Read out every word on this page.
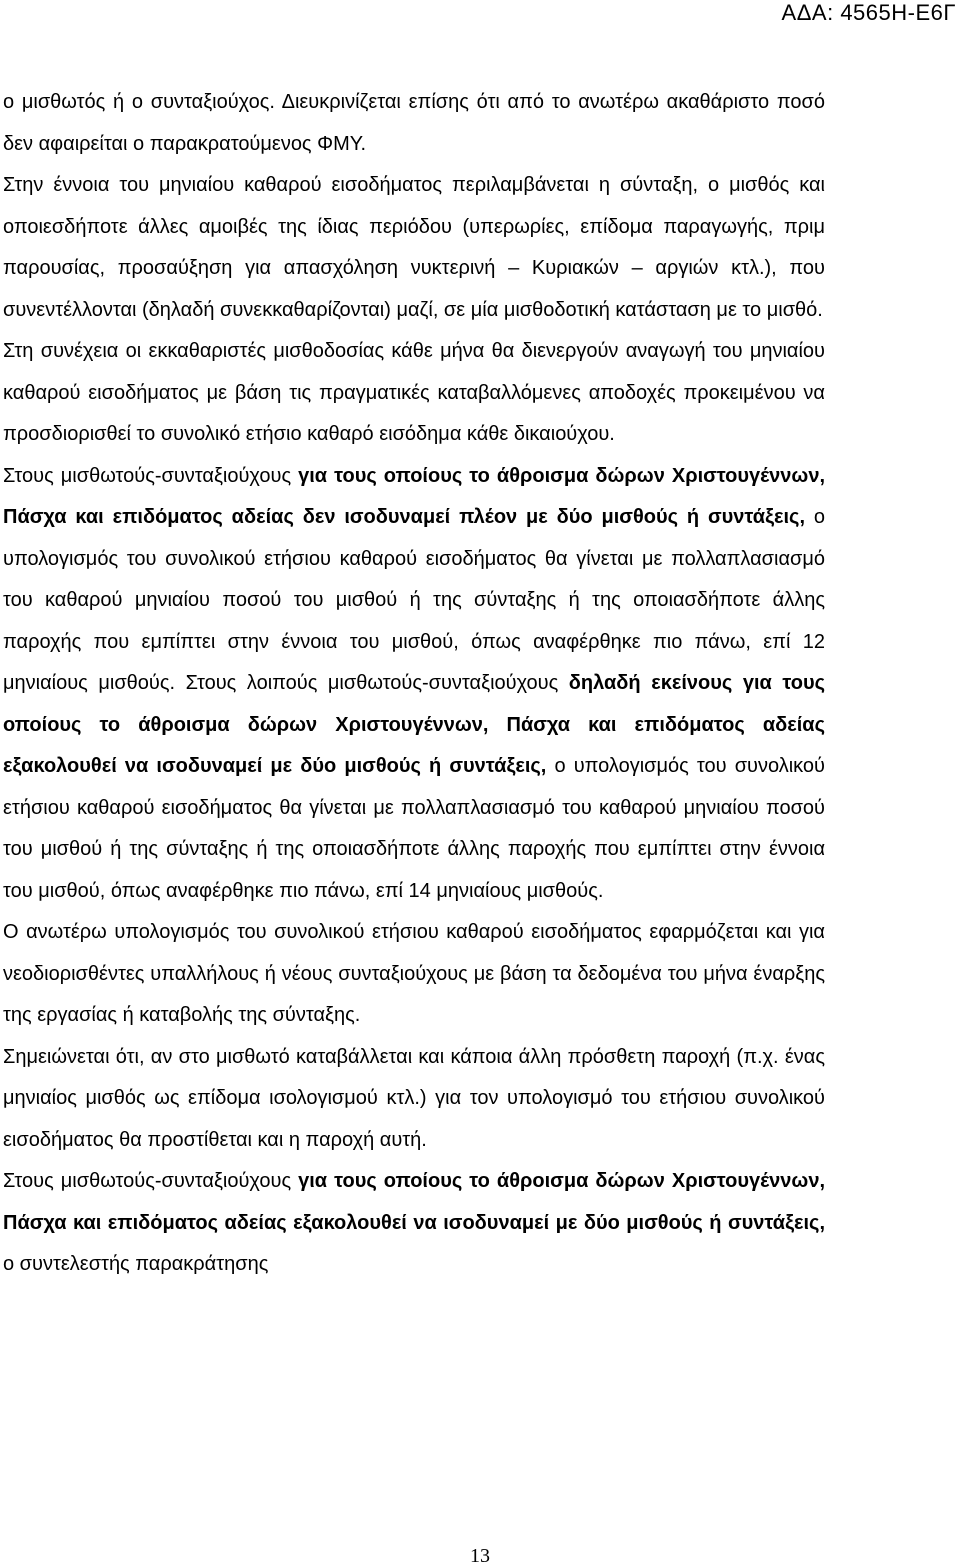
ΑΔΑ: 4565Η-Ε6Γ

ο μισθωτός ή ο συνταξιούχος. Διευκρινίζεται επίσης ότι από το ανωτέρω ακαθάριστο ποσό δεν αφαιρείται ο παρακρατούμενος ΦΜΥ.

Στην έννοια του μηνιαίου καθαρού εισοδήματος περιλαμβάνεται η σύνταξη, ο μισθός και οποιεσδήποτε άλλες αμοιβές της ίδιας περιόδου (υπερωρίες, επίδομα παραγωγής, πριμ παρουσίας, προσαύξηση για απασχόληση νυκτερινή – Κυριακών – αργιών κτλ.), που συνεντέλλονται (δηλαδή συνεκκαθαρίζονται) μαζί, σε μία μισθοδοτική κατάσταση με το μισθό.

Στη συνέχεια οι εκκαθαριστές μισθοδοσίας κάθε μήνα θα διενεργούν αναγωγή του μηνιαίου καθαρού εισοδήματος με βάση τις πραγματικές καταβαλλόμενες αποδοχές προκειμένου να προσδιορισθεί το συνολικό ετήσιο καθαρό εισόδημα κάθε δικαιούχου.

Στους μισθωτούς-συνταξιούχους για τους οποίους το άθροισμα δώρων Χριστουγέννων, Πάσχα και επιδόματος αδείας δεν ισοδυναμεί πλέον με δύο μισθούς ή συντάξεις, ο υπολογισμός του συνολικού ετήσιου καθαρού εισοδήματος θα γίνεται με πολλαπλασιασμό του καθαρού μηνιαίου ποσού του μισθού ή της σύνταξης ή της οποιασδήποτε άλλης παροχής που εμπίπτει στην έννοια του μισθού, όπως αναφέρθηκε πιο πάνω, επί 12 μηνιαίους μισθούς. Στους λοιπούς μισθωτούς-συνταξιούχους δηλαδή εκείνους για τους οποίους το άθροισμα δώρων Χριστουγέννων, Πάσχα και επιδόματος αδείας εξακολουθεί να ισοδυναμεί με δύο μισθούς ή συντάξεις, ο υπολογισμός του συνολικού ετήσιου καθαρού εισοδήματος θα γίνεται με πολλαπλασιασμό του καθαρού μηνιαίου ποσού του μισθού ή της σύνταξης ή της οποιασδήποτε άλλης παροχής που εμπίπτει στην έννοια του μισθού, όπως αναφέρθηκε πιο πάνω, επί 14 μηνιαίους μισθούς.

Ο ανωτέρω υπολογισμός του συνολικού ετήσιου καθαρού εισοδήματος εφαρμόζεται και για νεοδιορισθέντες υπαλλήλους ή νέους συνταξιούχους με βάση τα δεδομένα του μήνα έναρξης της εργασίας ή καταβολής της σύνταξης.

Σημειώνεται ότι, αν στο μισθωτό καταβάλλεται και κάποια άλλη πρόσθετη παροχή (π.χ. ένας μηνιαίος μισθός ως επίδομα ισολογισμού κτλ.) για τον υπολογισμό του ετήσιου συνολικού εισοδήματος θα προστίθεται και η παροχή αυτή.

Στους μισθωτούς-συνταξιούχους για τους οποίους το άθροισμα δώρων Χριστουγέννων, Πάσχα και επιδόματος αδείας εξακολουθεί να ισοδυναμεί με δύο μισθούς ή συντάξεις, ο συντελεστής παρακράτησης

13
